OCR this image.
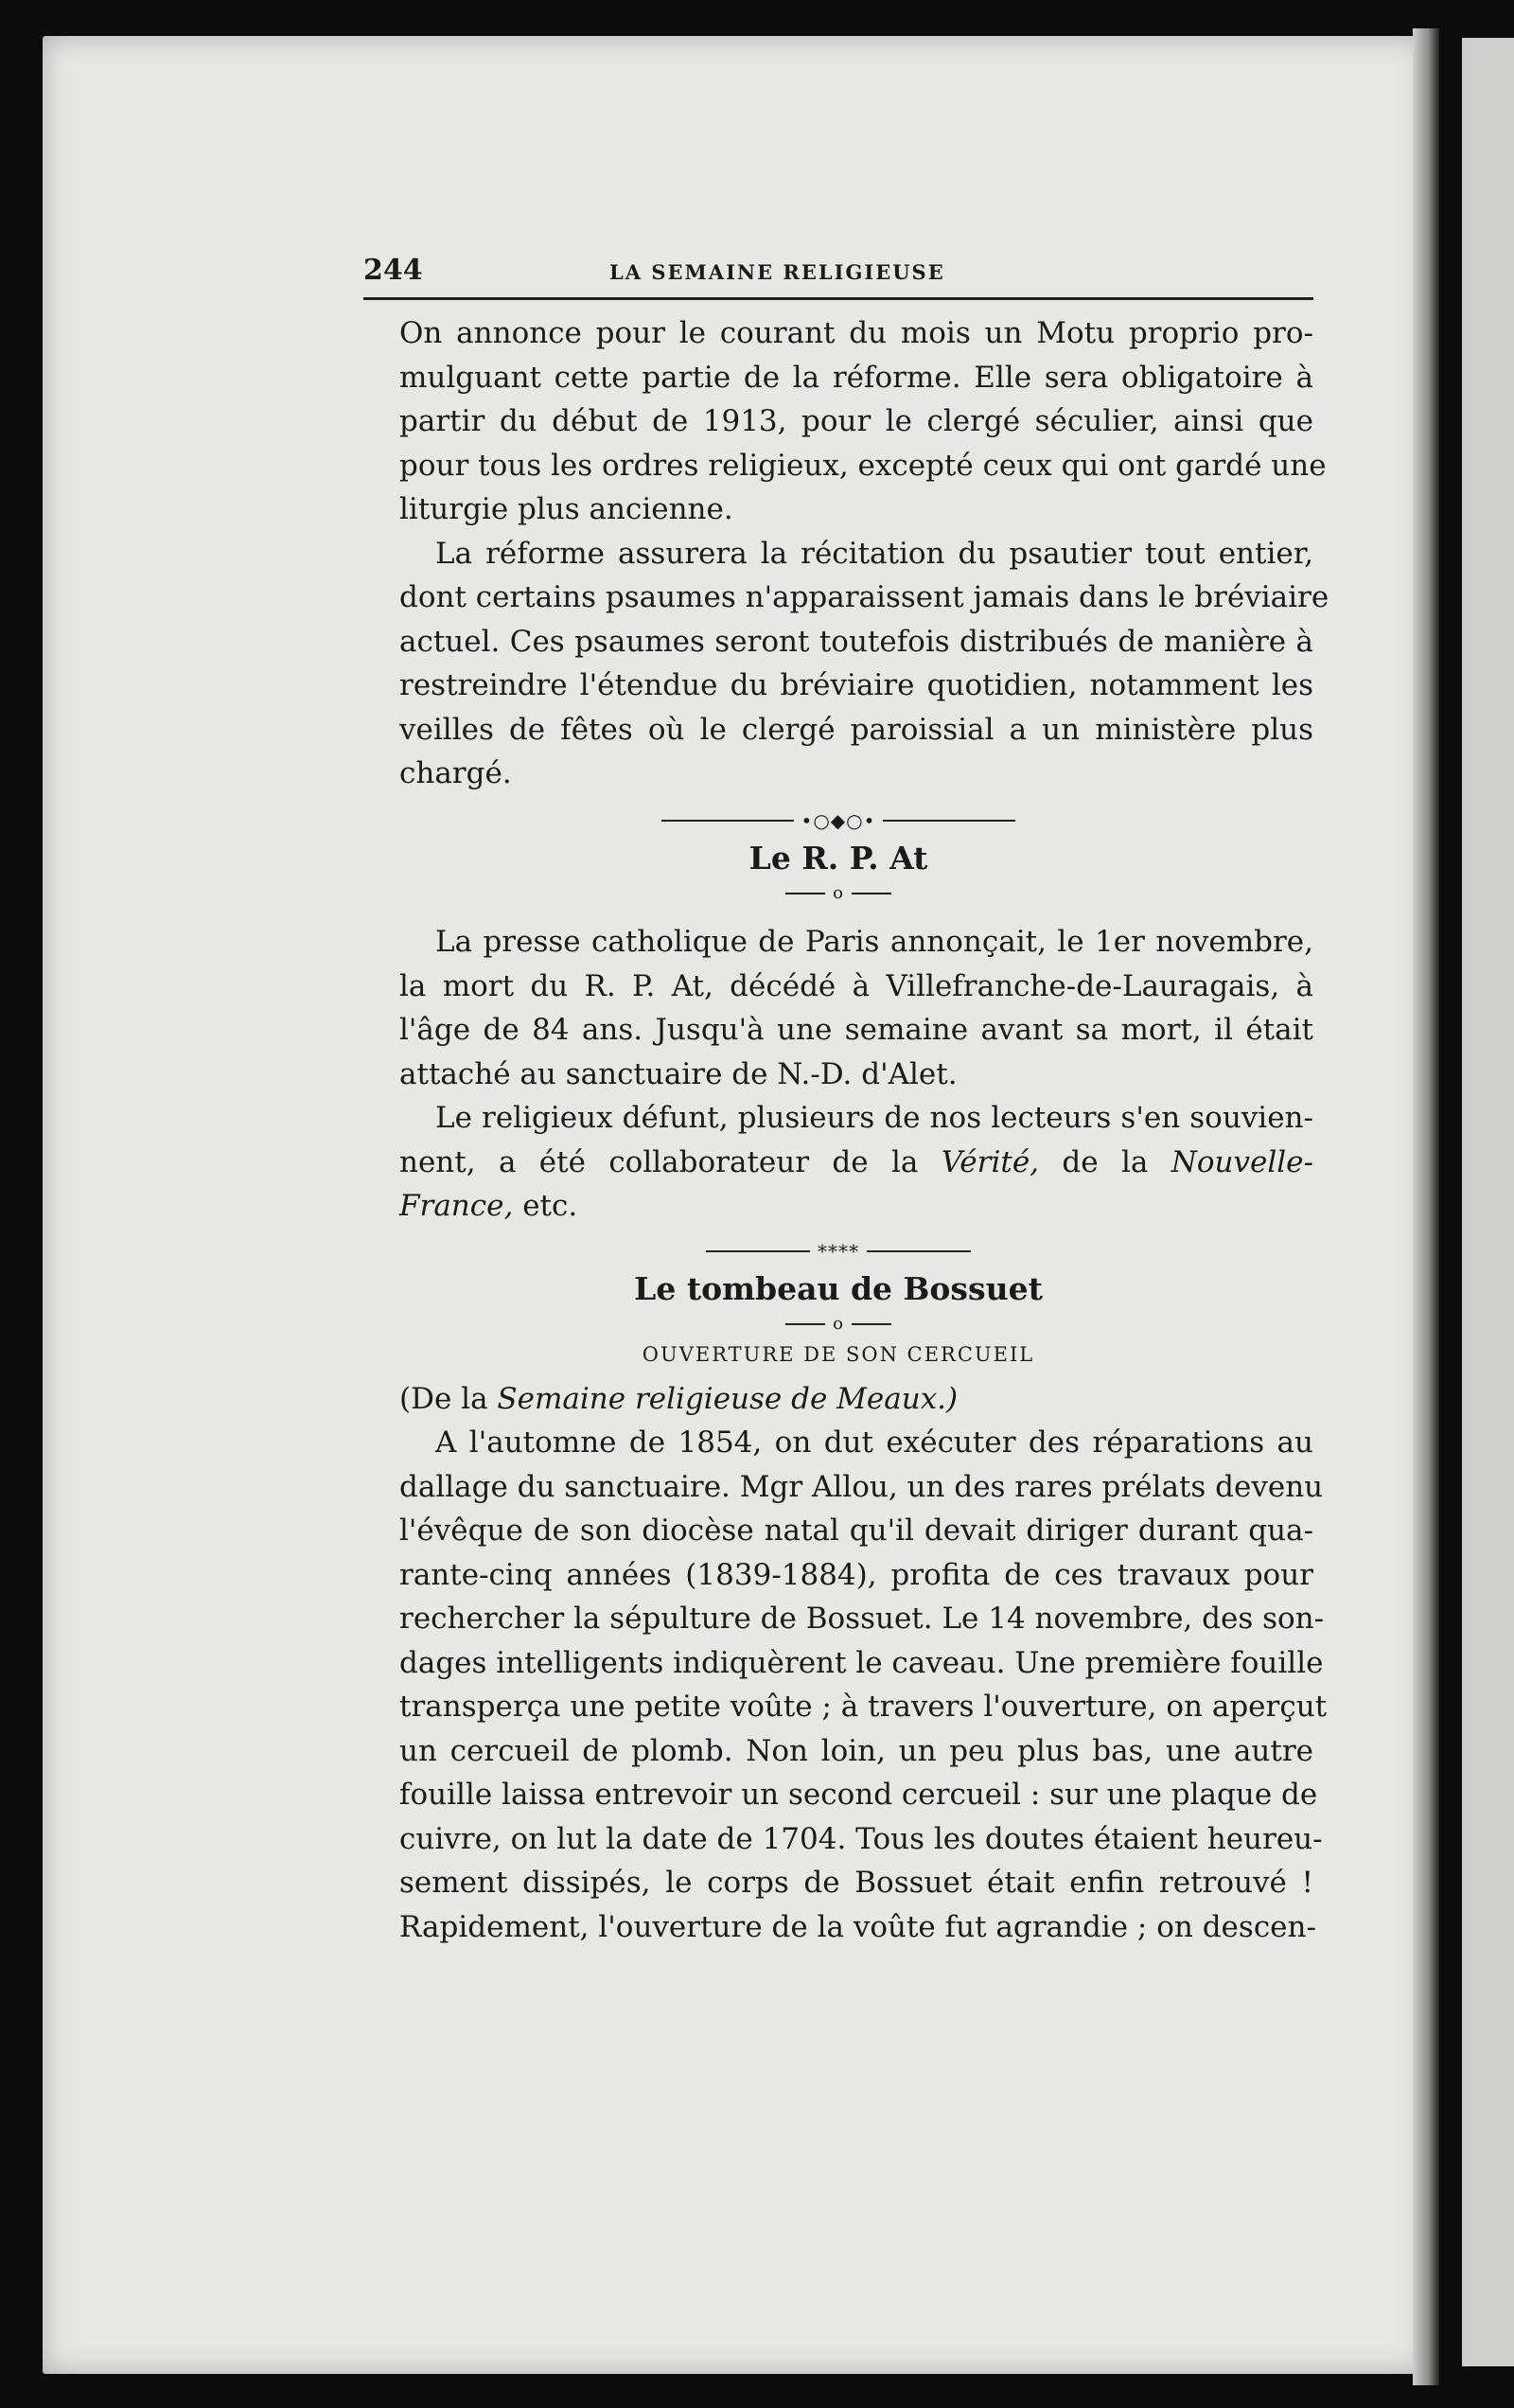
244	LA SEMAINE RELIGIEUSE

On annonce pour le courant du mois un Motu proprio pro-
mulguant cette partie de la réforme. Elle sera obligatoire à
partir du début de 1913, pour le clergé séculier, ainsi que
pour tous les ordres religieux, excepté ceux qui ont gardé une
liturgie plus ancienne.

La réforme assurera la récitation du psautier tout entier,
dont certains psaumes n'apparaissent jamais dans le bréviaire
actuel. Ces psaumes seront toutefois distribués de manière à
restreindre l'étendue du bréviaire quotidien, notamment les
veilles de fêtes où le clergé paroissial a un ministère plus
chargé.

•○◆○•
Le R. P. At
o

La presse catholique de Paris annonçait, le 1er novembre,
la mort du R. P. At, décédé à Villefranche-de-Lauragais, à
l'âge de 84 ans. Jusqu'à une semaine avant sa mort, il était
attaché au sanctuaire de N.-D. d'Alet.

Le religieux défunt, plusieurs de nos lecteurs s'en souvien-
nent, a été collaborateur de la Vérité, de la Nouvelle-
France, etc.

****
Le tombeau de Bossuet
o
OUVERTURE DE SON CERCUEIL

(De la Semaine religieuse de Meaux.)

A l'automne de 1854, on dut exécuter des réparations au
dallage du sanctuaire. Mgr Allou, un des rares prélats devenu
l'évêque de son diocèse natal qu'il devait diriger durant qua-
rante-cinq années (1839-1884), profita de ces travaux pour
rechercher la sépulture de Bossuet. Le 14 novembre, des son-
dages intelligents indiquèrent le caveau. Une première fouille
transperça une petite voûte ; à travers l'ouverture, on aperçut
un cercueil de plomb. Non loin, un peu plus bas, une autre
fouille laissa entrevoir un second cercueil : sur une plaque de
cuivre, on lut la date de 1704. Tous les doutes étaient heureu-
sement dissipés, le corps de Bossuet était enfin retrouvé !
Rapidement, l'ouverture de la voûte fut agrandie ; on descen-
